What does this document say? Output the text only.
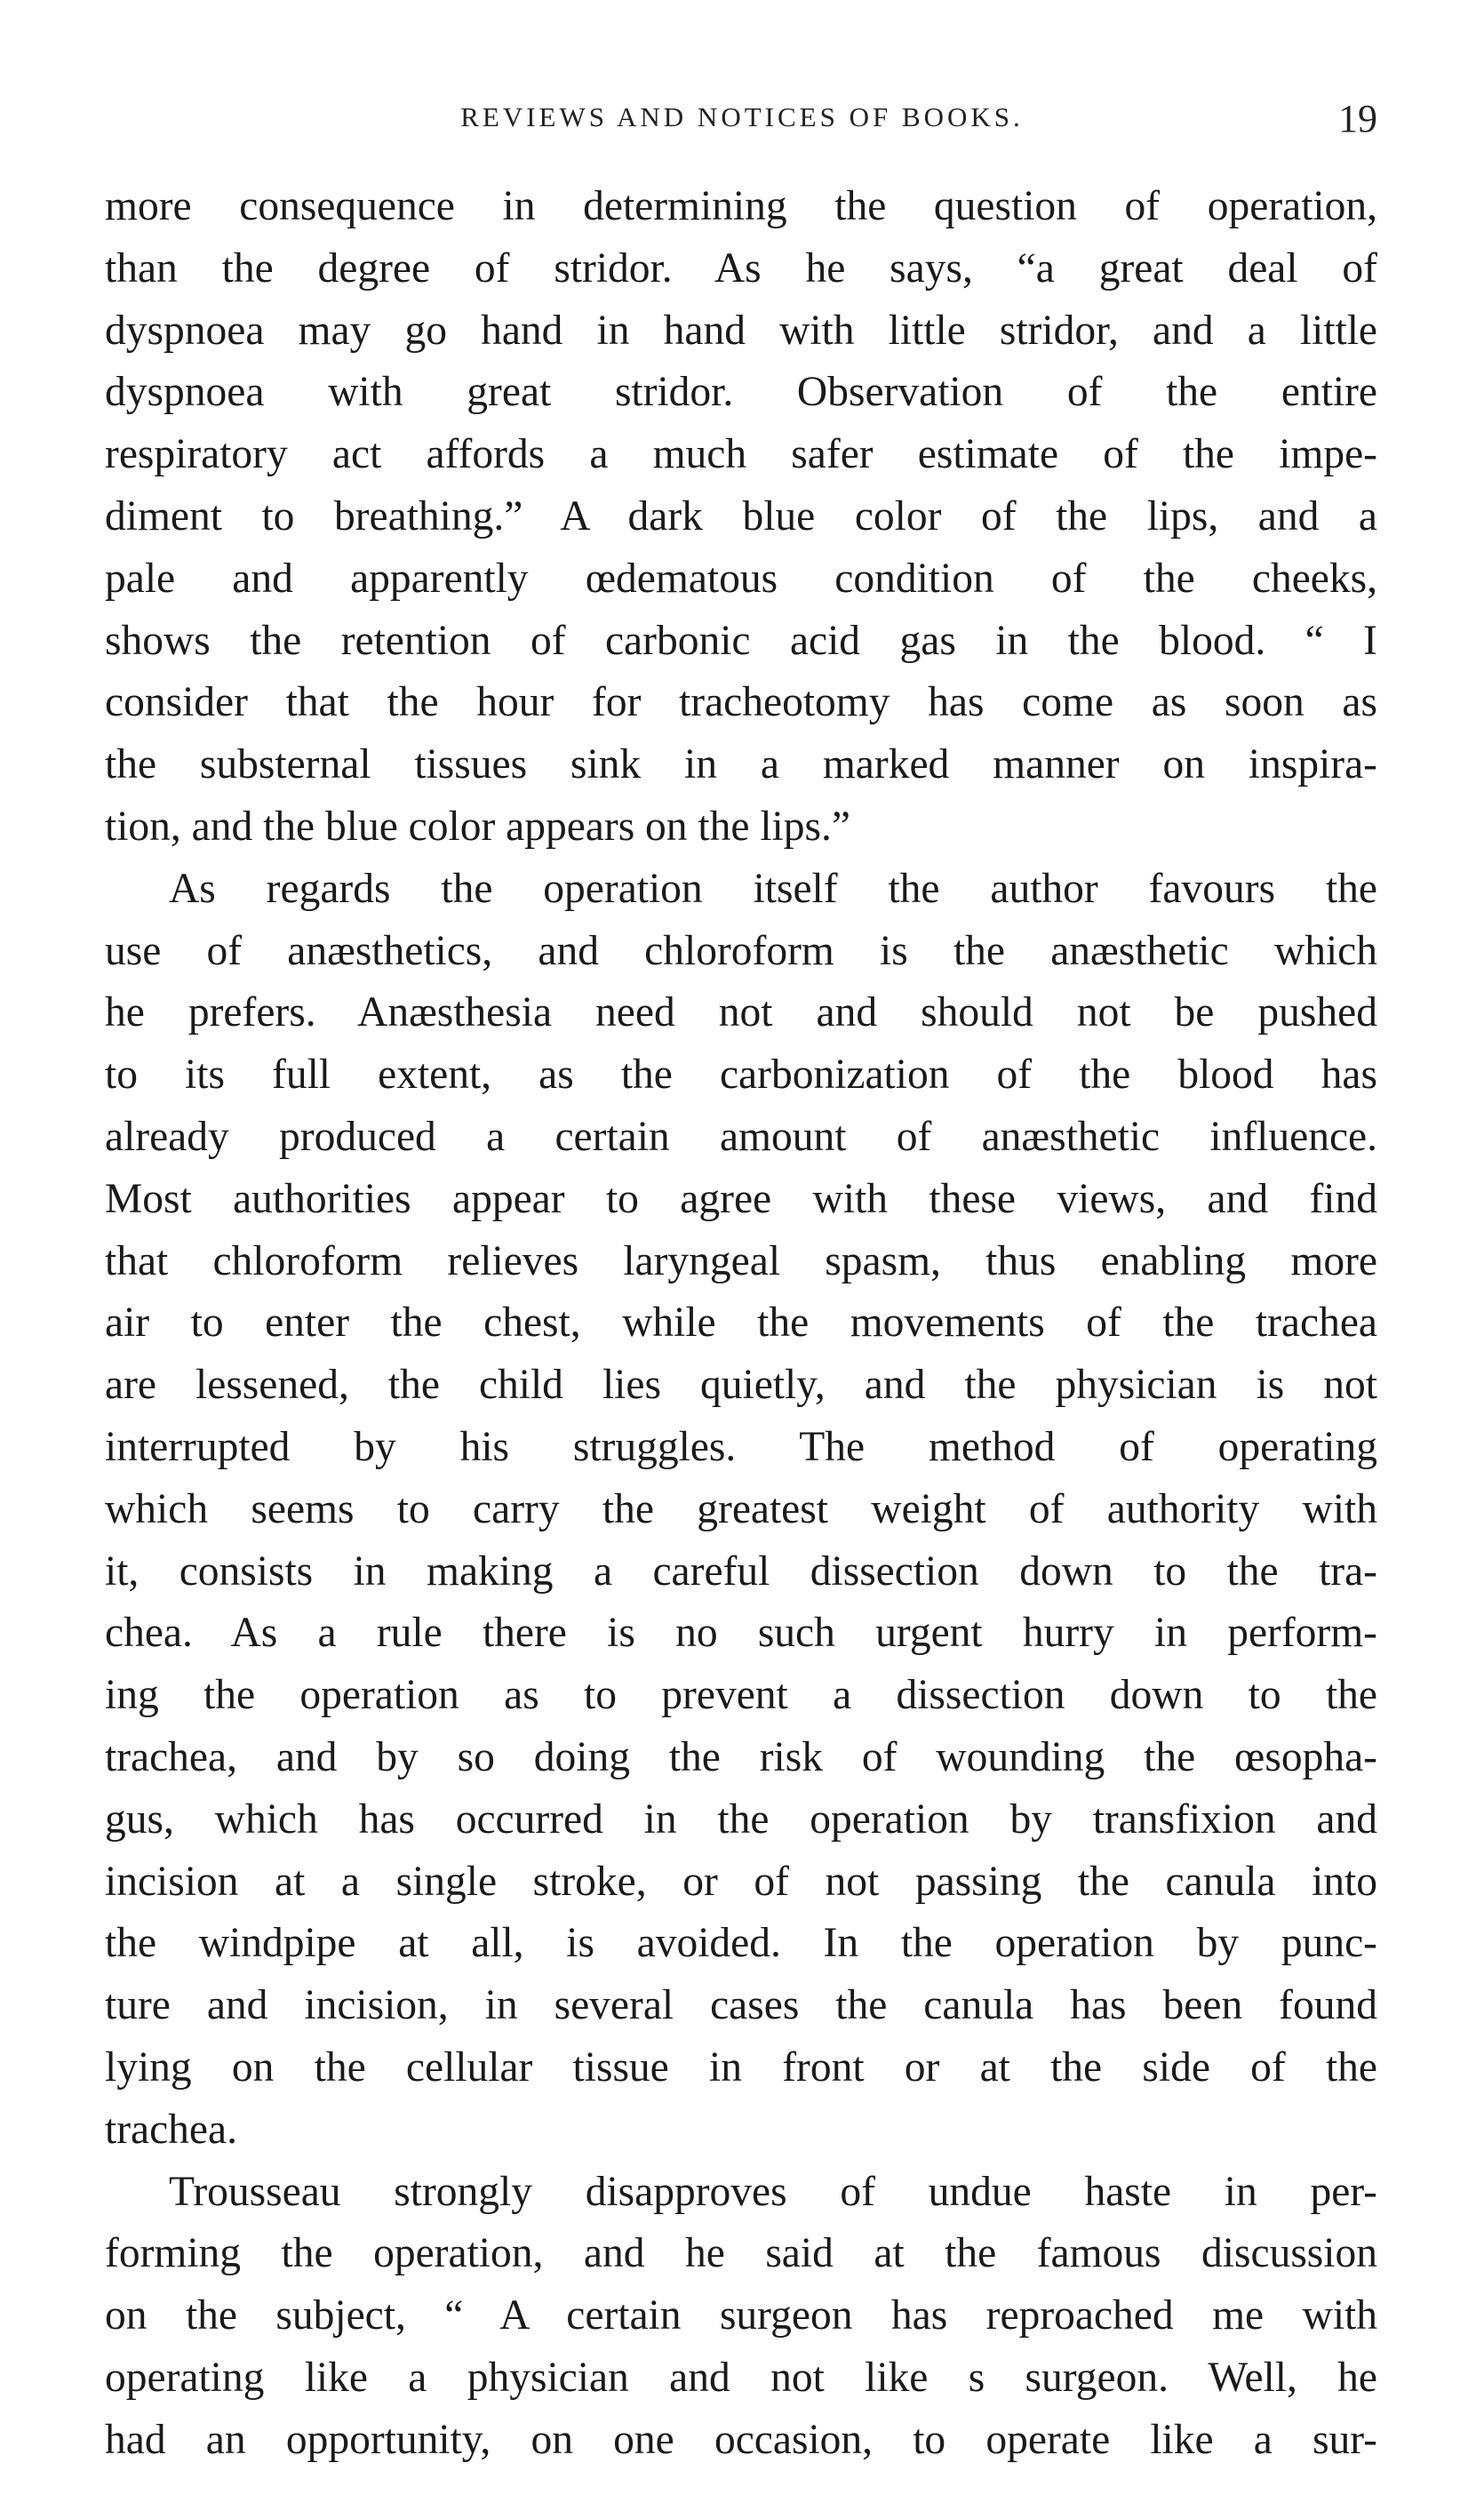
REVIEWS AND NOTICES OF BOOKS.	19
more consequence in determining the question of operation,
than the degree of stridor. As he says, “a great deal of
dyspnoea may go hand in hand with little stridor, and a little
dyspnoea with great stridor. Observation of the entire
respiratory act affords a much safer estimate of the impe-
diment to breathing.” A dark blue color of the lips, and a
pale and apparently œdematous condition of the cheeks,
shows the retention of carbonic acid gas in the blood. “ I
consider that the hour for tracheotomy has come as soon as
the substernal tissues sink in a marked manner on inspira-
tion, and the blue color appears on the lips.”
As regards the operation itself the author favours the
use of anæsthetics, and chloroform is the anæsthetic which
he prefers. Anæsthesia need not and should not be pushed
to its full extent, as the carbonization of the blood has
already produced a certain amount of anæsthetic influence.
Most authorities appear to agree with these views, and find
that chloroform relieves laryngeal spasm, thus enabling more
air to enter the chest, while the movements of the trachea
are lessened, the child lies quietly, and the physician is not
interrupted by his struggles. The method of operating
which seems to carry the greatest weight of authority with
it, consists in making a careful dissection down to the tra-
chea. As a rule there is no such urgent hurry in perform-
ing the operation as to prevent a dissection down to the
trachea, and by so doing the risk of wounding the œsopha-
gus, which has occurred in the operation by transfixion and
incision at a single stroke, or of not passing the canula into
the windpipe at all, is avoided. In the operation by punc-
ture and incision, in several cases the canula has been found
lying on the cellular tissue in front or at the side of the
trachea.
Trousseau strongly disapproves of undue haste in per-
forming the operation, and he said at the famous discussion
on the subject, “ A certain surgeon has reproached me with
operating like a physician and not like s surgeon. Well, he
had an opportunity, on one occasion, to operate like a sur-
